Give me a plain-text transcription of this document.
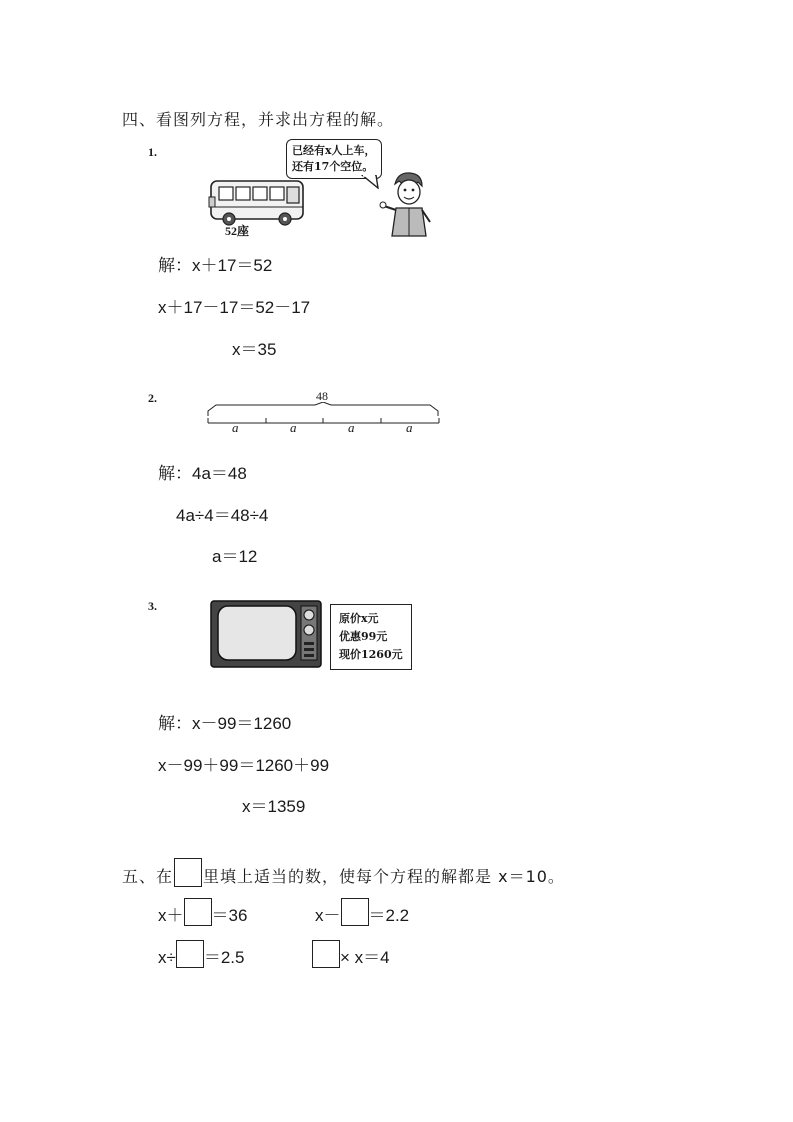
四、看图列方程，并求出方程的解。
1.
52座
已经有x人上车，
还有17个空位。
解：x＋17＝52
x＋17－17＝52－17
x＝35
2.	48
a	a	a	a
解：4a＝48
4a÷4＝48÷4
a＝12
3.
原价x元
优惠99元
现价1260元
解：x－99＝1260
x－99＋99＝1260＋99
x＝1359
五、在 里填上适当的数，使每个方程的解都是 x＝10。
x＋ ＝36	x－ ＝2.2
x÷ ＝2.5	× x＝4
